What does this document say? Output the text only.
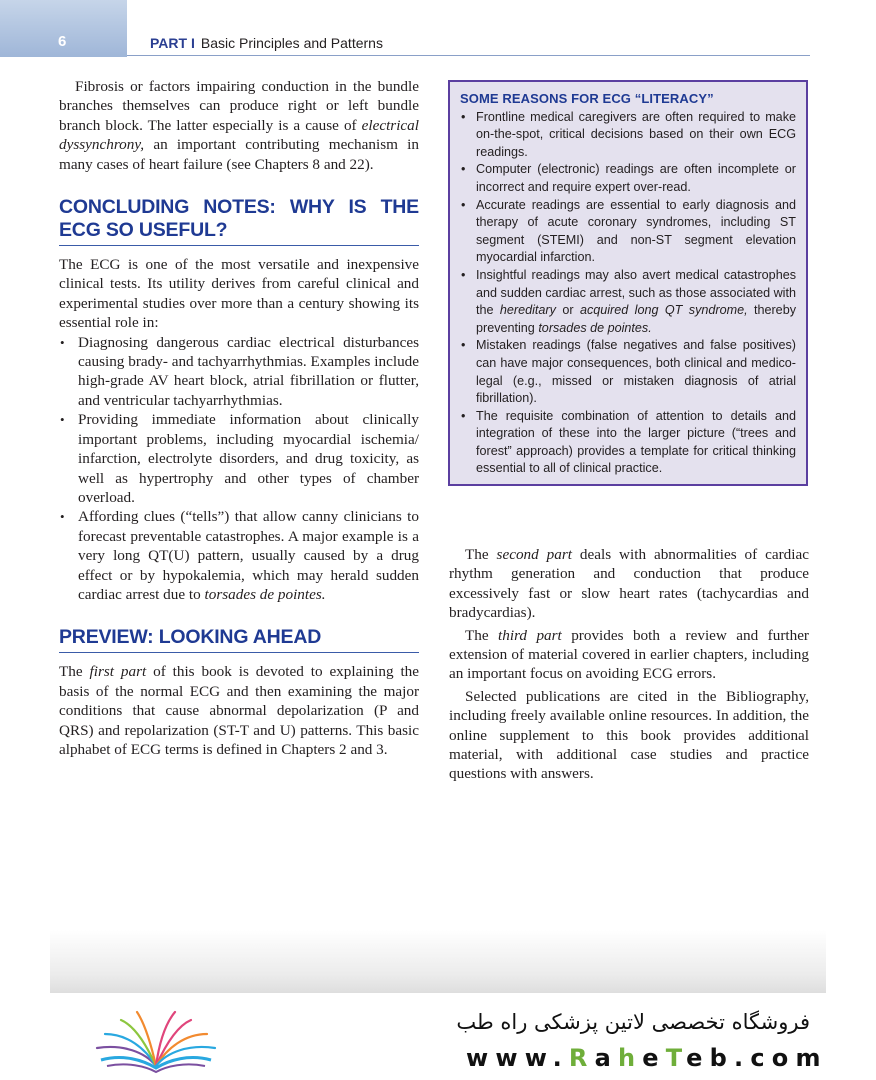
6	PART I Basic Principles and Patterns

Fibrosis or factors impairing conduction in the bundle branches themselves can produce right or left bundle branch block. The latter especially is a cause of electrical dyssynchrony, an important contributing mechanism in many cases of heart failure (see Chapters 8 and 22).

CONCLUDING NOTES: WHY IS THE ECG SO USEFUL?

The ECG is one of the most versatile and inexpensive clinical tests. Its utility derives from careful clinical and experimental studies over more than a century showing its essential role in:

• Diagnosing dangerous cardiac electrical disturbances causing brady- and tachyarrhythmias. Examples include high-grade AV heart block, atrial fibrillation or flutter, and ventricular tachyarrhythmias.
• Providing immediate information about clinically important problems, including myocardial ischemia/ infarction, electrolyte disorders, and drug toxicity, as well as hypertrophy and other types of chamber overload.
• Affording clues (“tells”) that allow canny clinicians to forecast preventable catastrophes. A major example is a very long QT(U) pattern, usually caused by a drug effect or by hypokalemia, which may herald sudden cardiac arrest due to torsades de pointes.
PREVIEW: LOOKING AHEAD

The first part of this book is devoted to explaining the basis of the normal ECG and then examining the major conditions that cause abnormal depolarization (P and QRS) and repolarization (ST-T and U) patterns. This basic alphabet of ECG terms is defined in Chapters 2 and 3.

SOME REASONS FOR ECG “LITERACY”
• Frontline medical caregivers are often required to make on-the-spot, critical decisions based on their own ECG readings.
• Computer (electronic) readings are often incomplete or incorrect and require expert over-read.
• Accurate readings are essential to early diagnosis and therapy of acute coronary syndromes, including ST segment (STEMI) and non-ST segment elevation myocardial infarction.
• Insightful readings may also avert medical catastrophes and sudden cardiac arrest, such as those associated with the hereditary or acquired long QT syndrome, thereby preventing torsades de pointes.
• Mistaken readings (false negatives and false positives) can have major consequences, both clinical and medico-legal (e.g., missed or mistaken diagnosis of atrial fibrillation).
• The requisite combination of attention to details and integration of these into the larger picture (“trees and forest” approach) provides a template for critical thinking essential to all of clinical practice.

The second part deals with abnormalities of cardiac rhythm generation and conduction that produce excessively fast or slow heart rates (tachycardias and bradycardias).

The third part provides both a review and further extension of material covered in earlier chapters, including an important focus on avoiding ECG errors.

Selected publications are cited in the Bibliography, including freely available online resources. In addition, the online supplement to this book provides additional material, with additional case studies and practice questions with answers.

فروشگاه تخصصی لاتین پزشکی راه طب
www.RaheTeb.com
